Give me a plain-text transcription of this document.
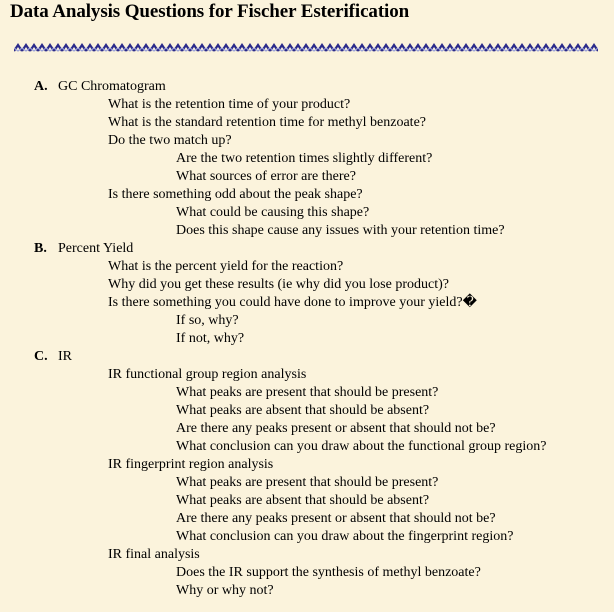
Data Analysis Questions for Fischer Esterification
A. GC Chromatogram
What is the retention time of your product?
What is the standard retention time for methyl benzoate?
Do the two match up?
Are the two retention times slightly different?
What sources of error are there?
Is there something odd about the peak shape?
What could be causing this shape?
Does this shape cause any issues with your retention time?
B. Percent Yield
What is the percent yield for the reaction?
Why did you get these results (ie why did you lose product)?
Is there something you could have done to improve your yield?�
If so, why?
If not, why?
C. IR
IR functional group region analysis
What peaks are present that should be present?
What peaks are absent that should be absent?
Are there any peaks present or absent that should not be?
What conclusion can you draw about the functional group region?
IR fingerprint region analysis
What peaks are present that should be present?
What peaks are absent that should be absent?
Are there any peaks present or absent that should not be?
What conclusion can you draw about the fingerprint region?
IR final analysis
Does the IR support the synthesis of methyl benzoate?
Why or why not?
